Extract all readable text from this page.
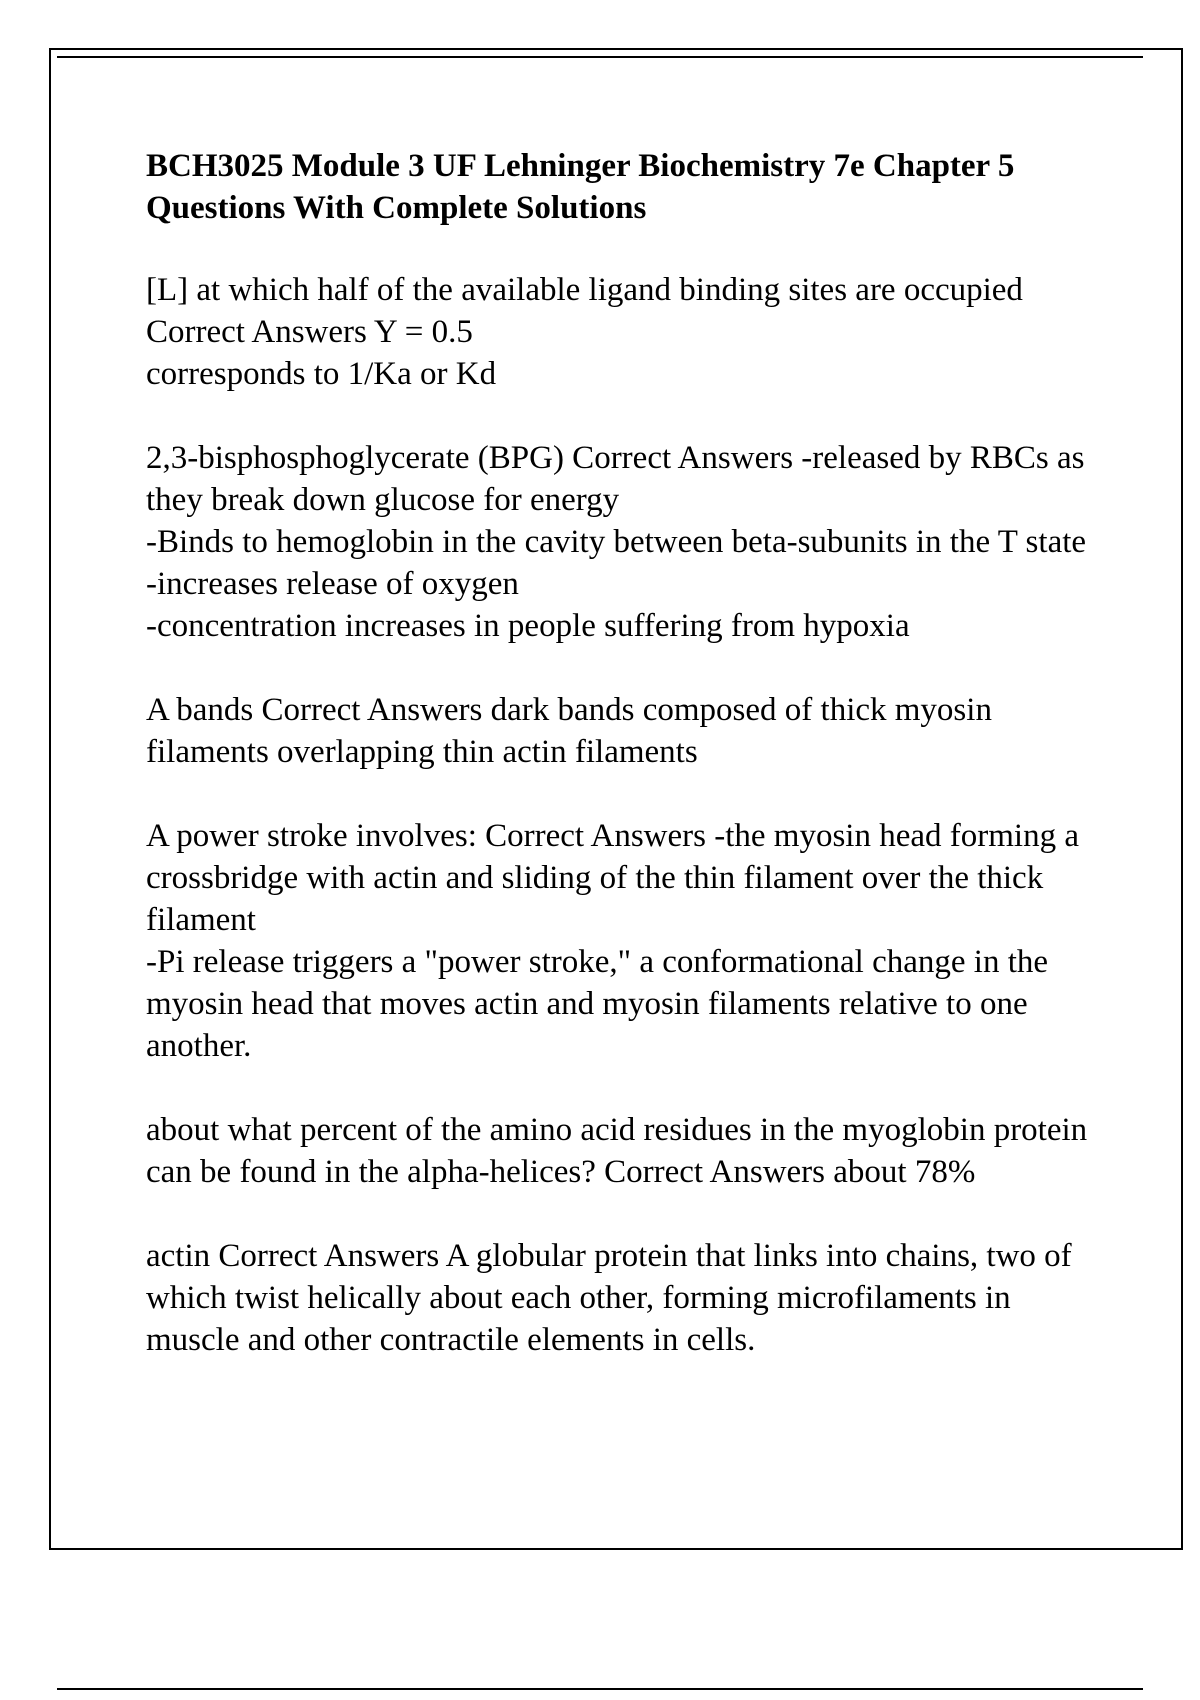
BCH3025 Module 3 UF Lehninger Biochemistry 7e Chapter 5 Questions With Complete Solutions
[L] at which half of the available ligand binding sites are occupied Correct Answers Y = 0.5
corresponds to 1/Ka or Kd
2,3-bisphosphoglycerate (BPG) Correct Answers -released by RBCs as they break down glucose for energy
-Binds to hemoglobin in the cavity between beta-subunits in the T state
-increases release of oxygen
-concentration increases in people suffering from hypoxia
A bands Correct Answers dark bands composed of thick myosin filaments overlapping thin actin filaments
A power stroke involves: Correct Answers -the myosin head forming a crossbridge with actin and sliding of the thin filament over the thick filament
-Pi release triggers a "power stroke," a conformational change in the myosin head that moves actin and myosin filaments relative to one another.
about what percent of the amino acid residues in the myoglobin protein can be found in the alpha-helices? Correct Answers about 78%
actin Correct Answers A globular protein that links into chains, two of which twist helically about each other, forming microfilaments in muscle and other contractile elements in cells.
